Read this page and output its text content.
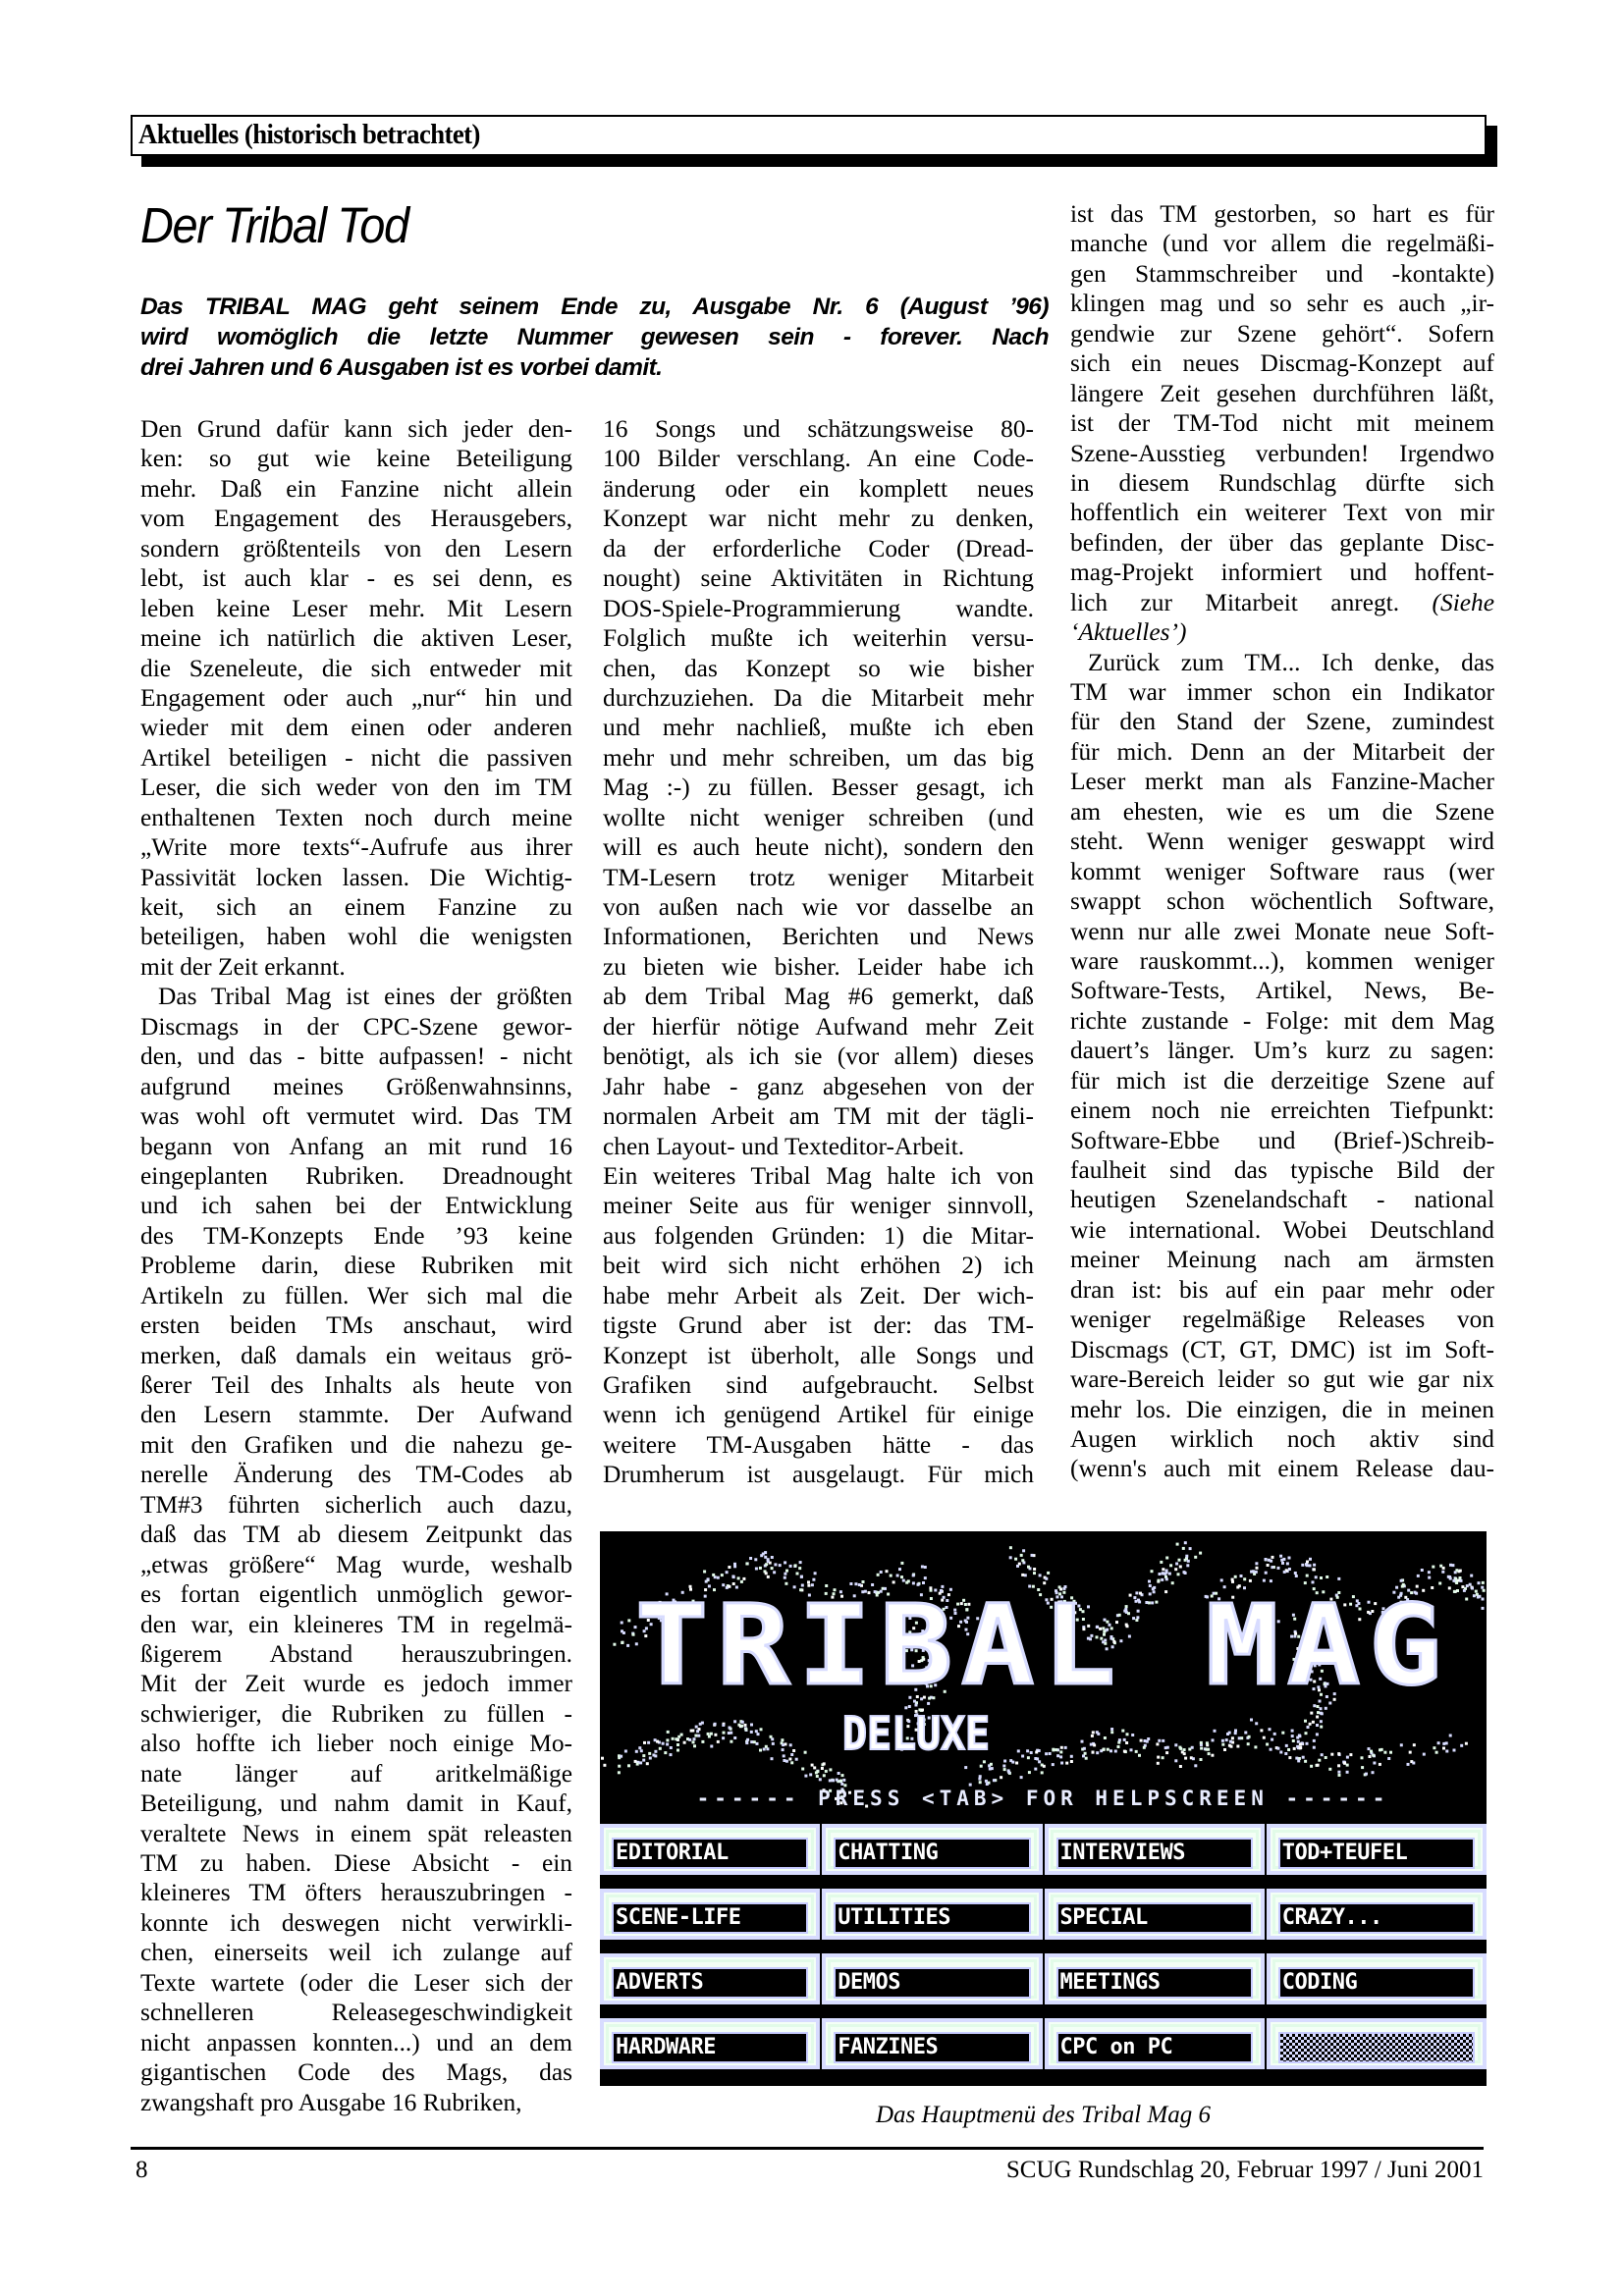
Aktuelles (historisch betrachtet)
Der Tribal Tod
Das TRIBAL MAG geht seinem Ende zu, Ausgabe Nr. 6 (August ’96)
wird womöglich die letzte Nummer gewesen sein - forever. Nach
drei Jahren und 6 Ausgaben ist es vorbei damit.
Den Grund dafür kann sich jeder den-
ken: so gut wie keine Beteiligung
mehr. Daß ein Fanzine nicht allein
vom Engagement des Herausgebers,
sondern größtenteils von den Lesern
lebt, ist auch klar - es sei denn, es
leben keine Leser mehr. Mit Lesern
meine ich natürlich die aktiven Leser,
die Szeneleute, die sich entweder mit
Engagement oder auch „nur“ hin und
wieder mit dem einen oder anderen
Artikel beteiligen - nicht die passiven
Leser, die sich weder von den im TM
enthaltenen Texten noch durch meine
„Write more texts“-Aufrufe aus ihrer
Passivität locken lassen. Die Wichtig-
keit, sich an einem Fanzine zu
beteiligen, haben wohl die wenigsten
mit der Zeit erkannt.
Das Tribal Mag ist eines der größten
Discmags in der CPC-Szene gewor-
den, und das - bitte aufpassen! - nicht
aufgrund meines Größenwahnsinns,
was wohl oft vermutet wird. Das TM
begann von Anfang an mit rund 16
eingeplanten Rubriken. Dreadnought
und ich sahen bei der Entwicklung
des TM-Konzepts Ende ’93 keine
Probleme darin, diese Rubriken mit
Artikeln zu füllen. Wer sich mal die
ersten beiden TMs anschaut, wird
merken, daß damals ein weitaus grö-
ßerer Teil des Inhalts als heute von
den Lesern stammte. Der Aufwand
mit den Grafiken und die nahezu ge-
nerelle Änderung des TM-Codes ab
TM#3 führten sicherlich auch dazu,
daß das TM ab diesem Zeitpunkt das
„etwas größere“ Mag wurde, weshalb
es fortan eigentlich unmöglich gewor-
den war, ein kleineres TM in regelmä-
ßigerem Abstand herauszubringen.
Mit der Zeit wurde es jedoch immer
schwieriger, die Rubriken zu füllen -
also hoffte ich lieber noch einige Mo-
nate länger auf aritkelmäßige
Beteiligung, und nahm damit in Kauf,
veraltete News in einem spät releasten
TM zu haben. Diese Absicht - ein
kleineres TM öfters herauszubringen -
konnte ich deswegen nicht verwirkli-
chen, einerseits weil ich zulange auf
Texte wartete (oder die Leser sich der
schnelleren Releasegeschwindigkeit
nicht anpassen konnten...) und an dem
gigantischen Code des Mags, das
zwangshaft pro Ausgabe 16 Rubriken,
16 Songs und schätzungsweise 80-
100 Bilder verschlang. An eine Code-
änderung oder ein komplett neues
Konzept war nicht mehr zu denken,
da der erforderliche Coder (Dread-
nought) seine Aktivitäten in Richtung
DOS-Spiele-Programmierung wandte.
Folglich mußte ich weiterhin versu-
chen, das Konzept so wie bisher
durchzuziehen. Da die Mitarbeit mehr
und mehr nachließ, mußte ich eben
mehr und mehr schreiben, um das big
Mag :-) zu füllen. Besser gesagt, ich
wollte nicht weniger schreiben (und
will es auch heute nicht), sondern den
TM-Lesern trotz weniger Mitarbeit
von außen nach wie vor dasselbe an
Informationen, Berichten und News
zu bieten wie bisher. Leider habe ich
ab dem Tribal Mag #6 gemerkt, daß
der hierfür nötige Aufwand mehr Zeit
benötigt, als ich sie (vor allem) dieses
Jahr habe - ganz abgesehen von der
normalen Arbeit am TM mit der tägli-
chen Layout- und Texteditor-Arbeit.
Ein weiteres Tribal Mag halte ich von
meiner Seite aus für weniger sinnvoll,
aus folgenden Gründen: 1) die Mitar-
beit wird sich nicht erhöhen 2) ich
habe mehr Arbeit als Zeit. Der wich-
tigste Grund aber ist der: das TM-
Konzept ist überholt, alle Songs und
Grafiken sind aufgebraucht. Selbst
wenn ich genügend Artikel für einige
weitere TM-Ausgaben hätte - das
Drumherum ist ausgelaugt. Für mich
ist das TM gestorben, so hart es für
manche (und vor allem die regelmäßi-
gen Stammschreiber und -kontakte)
klingen mag und so sehr es auch „ir-
gendwie zur Szene gehört“. Sofern
sich ein neues Discmag-Konzept auf
längere Zeit gesehen durchführen läßt,
ist der TM-Tod nicht mit meinem
Szene-Ausstieg verbunden! Irgendwo
in diesem Rundschlag dürfte sich
hoffentlich ein weiterer Text von mir
befinden, der über das geplante Disc-
mag-Projekt informiert und hoffent-
lich zur Mitarbeit anregt. (Siehe
‘Aktuelles’)
Zurück zum TM... Ich denke, das
TM war immer schon ein Indikator
für den Stand der Szene, zumindest
für mich. Denn an der Mitarbeit der
Leser merkt man als Fanzine-Macher
am ehesten, wie es um die Szene
steht. Wenn weniger geswappt wird
kommt weniger Software raus (wer
swappt schon wöchentlich Software,
wenn nur alle zwei Monate neue Soft-
ware rauskommt...), kommen weniger
Software-Tests, Artikel, News, Be-
richte zustande - Folge: mit dem Mag
dauert’s länger. Um’s kurz zu sagen:
für mich ist die derzeitige Szene auf
einem noch nie erreichten Tiefpunkt:
Software-Ebbe und (Brief-)Schreib-
faulheit sind das typische Bild der
heutigen Szenelandschaft - national
wie international. Wobei Deutschland
meiner Meinung nach am ärmsten
dran ist: bis auf ein paar mehr oder
weniger regelmäßige Releases von
Discmags (CT, GT, DMC) ist im Soft-
ware-Bereich leider so gut wie gar nix
mehr los. Die einzigen, die in meinen
Augen wirklich noch aktiv sind
(wenn's auch mit einem Release dau-
TRIBAL MAG
DELUXE
------ PRESS <TAB> FOR HELPSCREEN ------
EDITORIAL	CHATTING	INTERVIEWS	TOD+TEUFEL
SCENE-LIFE	UTILITIES	SPECIAL	CRAZY...
ADVERTS	DEMOS	MEETINGS	CODING
HARDWARE	FANZINES	CPC on PC
Das Hauptmenü des Tribal Mag 6
8	SCUG Rundschlag 20, Februar 1997 / Juni 2001
